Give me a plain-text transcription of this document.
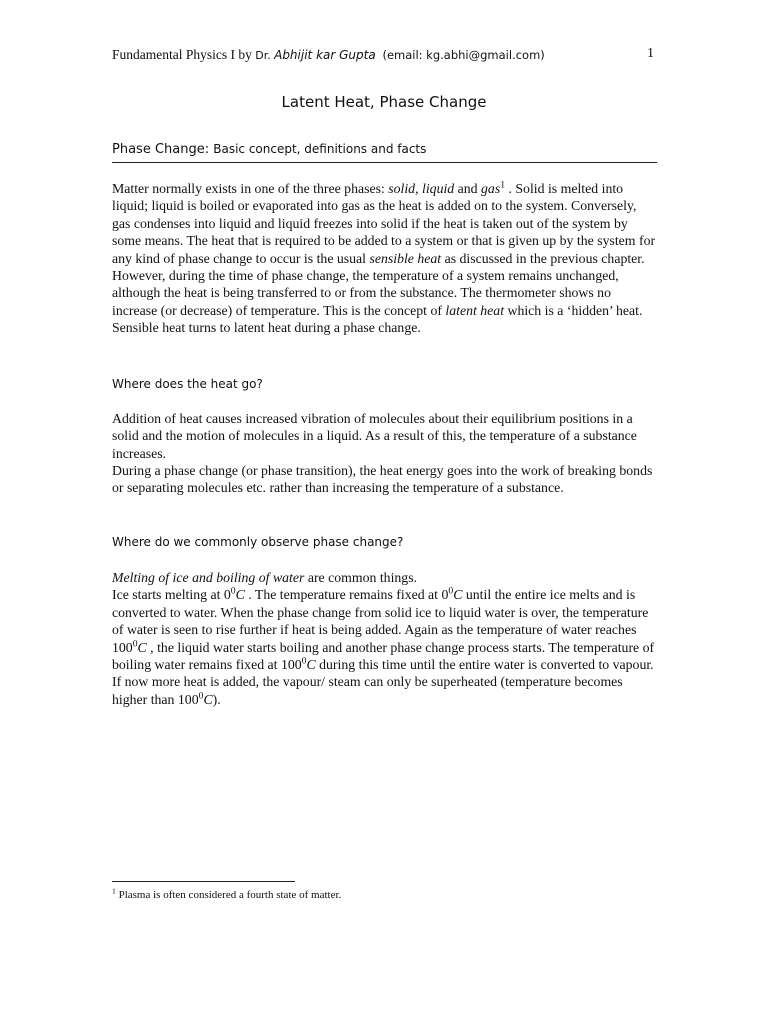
Fundamental Physics I by Dr. Abhijit kar Gupta (email: kg.abhi@gmail.com)	1
Latent Heat, Phase Change
Phase Change: Basic concept, definitions and facts

Matter normally exists in one of the three phases: solid, liquid and gas$^1$ . Solid is melted into liquid; liquid is boiled or evaporated into gas as the heat is added on to the system. Conversely, gas condenses into liquid and liquid freezes into solid if the heat is taken out of the system by some means. The heat that is required to be added to a system or that is given up by the system for any kind of phase change to occur is the usual sensible heat as discussed in the previous chapter. However, during the time of phase change, the temperature of a system remains unchanged, although the heat is being transferred to or from the substance. The thermometer shows no increase (or decrease) of temperature. This is the concept of latent heat which is a ‘hidden’ heat. Sensible heat turns to latent heat during a phase change.

Where does the heat go?

Addition of heat causes increased vibration of molecules about their equilibrium positions in a solid and the motion of molecules in a liquid. As a result of this, the temperature of a substance increases.

During a phase change (or phase transition), the heat energy goes into the work of breaking bonds or separating molecules etc. rather than increasing the temperature of a substance.

Where do we commonly observe phase change?

Melting of ice and boiling of water are common things.
Ice starts melting at $0^0C$ . The temperature remains fixed at $0^0C$ until the entire ice melts and is converted to water. When the phase change from solid ice to liquid water is over, the temperature of water is seen to rise further if heat is being added. Again as the temperature of water reaches $100^0C$ , the liquid water starts boiling and another phase change process starts. The temperature of boiling water remains fixed at $100^0C$ during this time until the entire water is converted to vapour. If now more heat is added, the vapour/ steam can only be superheated (temperature becomes higher than $100^0C$).

$^1$ Plasma is often considered a fourth state of matter.
